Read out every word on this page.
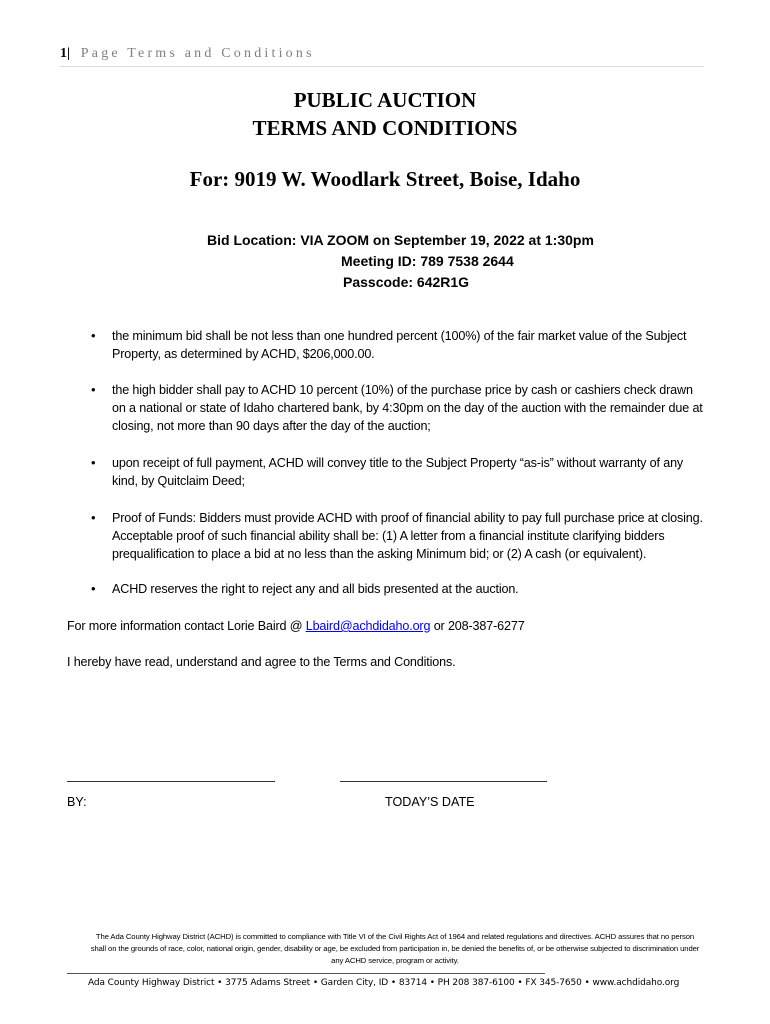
1| Page Terms and Conditions
PUBLIC AUCTION
TERMS AND CONDITIONS
For: 9019 W. Woodlark Street, Boise, Idaho
Bid Location: VIA ZOOM on September 19, 2022 at 1:30pm
Meeting ID: 789 7538 2644
Passcode: 642R1G
• the minimum bid shall be not less than one hundred percent (100%) of the fair market value of the Subject Property, as determined by ACHD, $206,000.00.
• the high bidder shall pay to ACHD 10 percent (10%) of the purchase price by cash or cashiers check drawn on a national or state of Idaho chartered bank, by 4:30pm on the day of the auction with the remainder due at closing, not more than 90 days after the day of the auction;
• upon receipt of full payment, ACHD will convey title to the Subject Property “as-is” without warranty of any kind, by Quitclaim Deed;
• Proof of Funds: Bidders must provide ACHD with proof of financial ability to pay full purchase price at closing. Acceptable proof of such financial ability shall be: (1) A letter from a financial institute clarifying bidders prequalification to place a bid at no less than the asking Minimum bid; or (2) A cash (or equivalent).
• ACHD reserves the right to reject any and all bids presented at the auction.
For more information contact Lorie Baird @ Lbaird@achdidaho.org or 208-387-6277
I hereby have read, understand and agree to the Terms and Conditions.
BY:	TODAY’S DATE
The Ada County Highway District (ACHD) is committed to compliance with Title VI of the Civil Rights Act of 1964 and related regulations and directives. ACHD assures that no person shall on the grounds of race, color, national origin, gender, disability or age, be excluded from participation in, be denied the benefits of, or be otherwise subjected to discrimination under any ACHD service, program or activity.
Ada County Highway District • 3775 Adams Street • Garden City, ID • 83714 • PH 208 387-6100 • FX 345-7650 • www.achdidaho.org
